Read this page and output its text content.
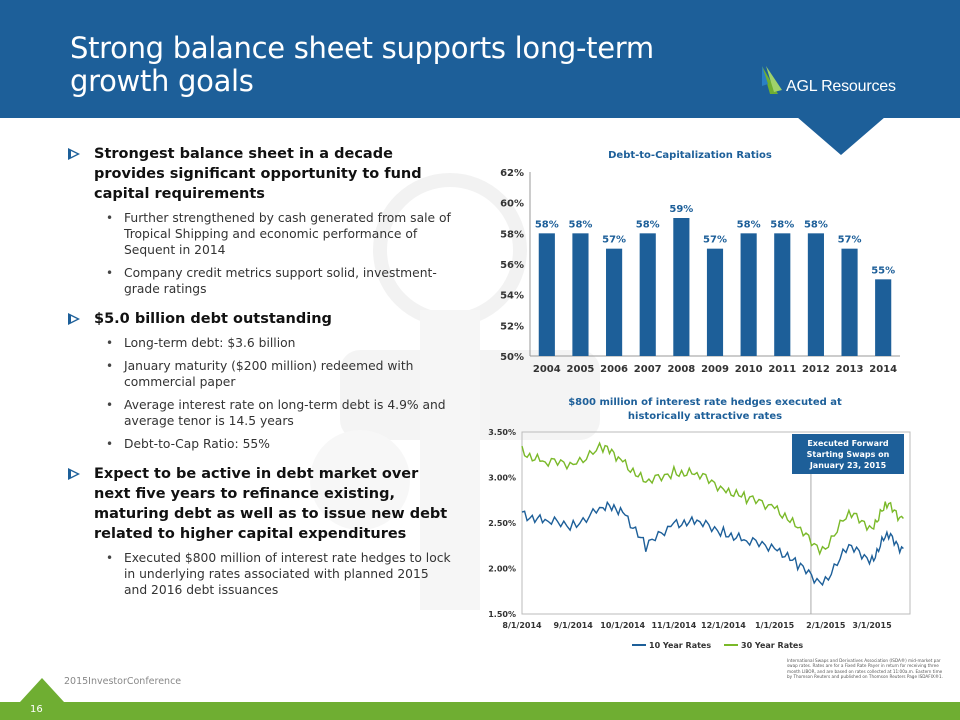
Strong balance sheet supports long-term growth goals	AGL Resources
Strongest balance sheet in a decade provides significant opportunity to fund capital requirements
• Further strengthened by cash generated from sale of Tropical Shipping and economic performance of Sequent in 2014
• Company credit metrics support solid, investment-grade ratings
$5.0 billion debt outstanding
• Long-term debt: $3.6 billion
• January maturity ($200 million) redeemed with commercial paper
• Average interest rate on long-term debt is 4.9% and average tenor is 14.5 years
• Debt-to-Cap Ratio: 55%
Expect to be active in debt market over next five years to refinance existing, maturing debt as well as to issue new debt related to higher capital expenditures
• Executed $800 million of interest rate hedges to lock in underlying rates associated with planned 2015 and 2016 debt issuances
Debt-to-Capitalization Ratios
50%
52%
54%
56%
58%
60%
62%
58%
2004
58%
2005
57%
2006
58%
2007
59%
2008
57%
2009
58%
2010
58%
2011
58%
2012
57%
2013
55%
2014
$800 million of interest rate hedges executed at historically attractive rates
1.50%
2.00%
2.50%
3.00%
3.50%
8/1/2014 9/1/2014 10/1/2014 11/1/2014 12/1/2014 1/1/2015 2/1/2015 3/1/2015
Executed Forward
Starting Swaps on
January 23, 2015
10 Year Rates	30 Year Rates
International Swaps and Derivatives Association (ISDA®) mid-market par swap rates. Rates are for a Fixed Rate Payer in return for receiving three month LIBOR, and are based on rates collected at 11:00a.m. Eastern time by Thomson Reuters and published on Thomson Reuters Page ISDAFIX®1.
2015InvestorConference
16
